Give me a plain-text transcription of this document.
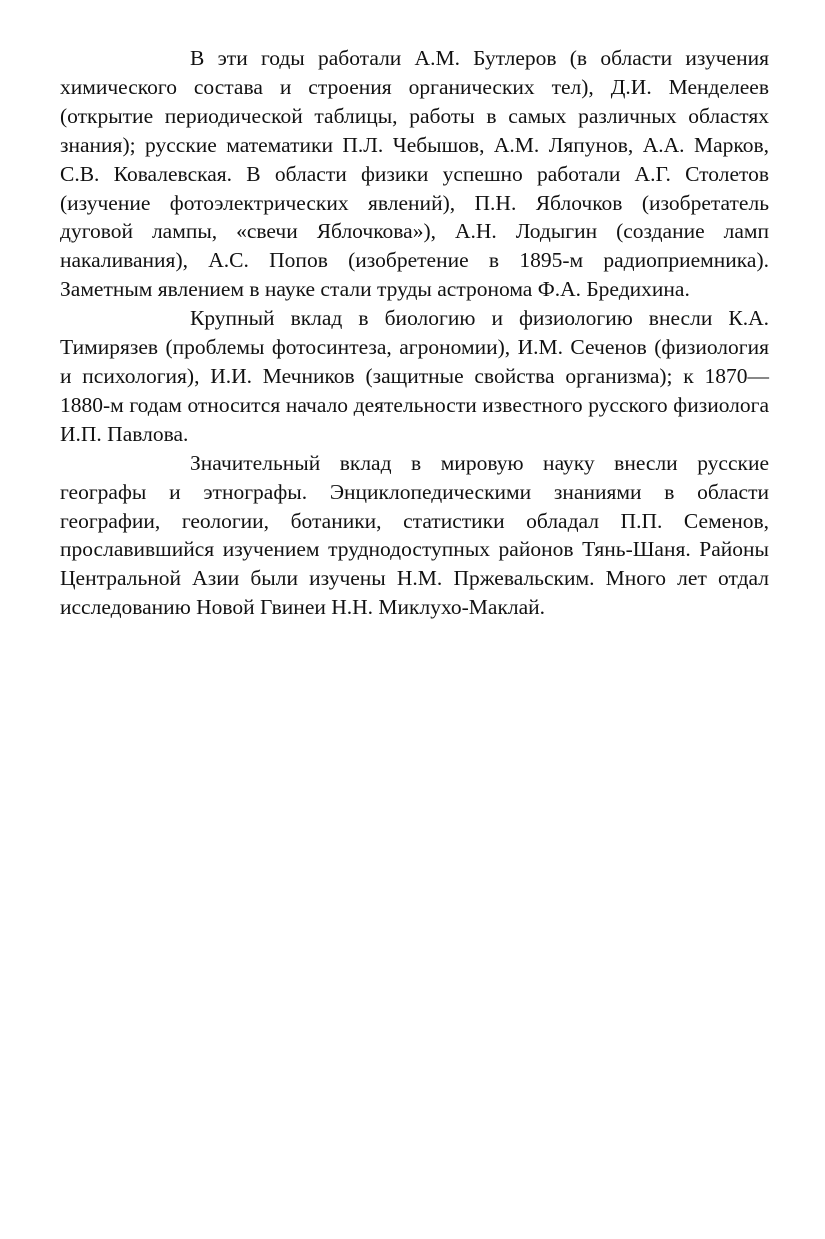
В эти годы работали А.М. Бутлеров (в области изучения химического состава и строения органических тел), Д.И. Менделеев (открытие периодической таблицы, работы в самых различных областях знания); русские математики П.Л. Чебышов, А.М. Ляпунов, А.А. Марков, С.В. Ковалевская. В области физики успешно работали А.Г. Столетов (изучение фотоэлектрических явлений), П.Н. Яблочков (изобретатель дуговой лампы, «свечи Яблочкова»), А.Н. Лодыгин (создание ламп накаливания), А.С. Попов (изобретение в 1895-м радиоприемника). Заметным явлением в науке стали труды астронома Ф.А. Бредихина.

Крупный вклад в биологию и физиологию внесли К.А. Тимирязев (проблемы фотосинтеза, агрономии), И.М. Сеченов (физиология и психология), И.И. Мечников (защитные свойства организма); к 1870—1880-м годам относится начало деятельности известного русского физиолога И.П. Павлова.

Значительный вклад в мировую науку внесли русские географы и этнографы. Энциклопедическими знаниями в области географии, геологии, ботаники, статистики обладал П.П. Семенов, прославившийся изучением труднодоступных районов Тянь-Шаня. Районы Центральной Азии были изучены Н.М. Пржевальским. Много лет отдал исследованию Новой Гвинеи Н.Н. Миклухо-Маклай.
